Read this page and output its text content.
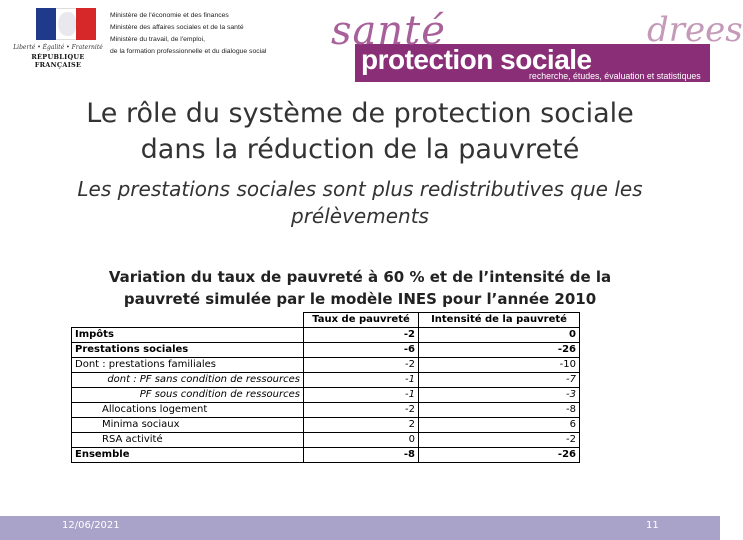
Liberté • Égalité • Fraternité
RÉPUBLIQUE FRANÇAISE
Ministère de l'économie et des finances
Ministère des affaires sociales et de la santé
Ministère du travail, de l'emploi,
de la formation professionnelle et du dialogue social santé
protection sociale
drees
recherche, études, évaluation et statistiques
Le rôle du système de protection sociale
dans la réduction de la pauvreté
Les prestations sociales sont plus redistributives que les
prélèvements
Variation du taux de pauvreté à 60 % et de l’intensité de la
pauvreté simulée par le modèle INES pour l’année 2010
	Taux de pauvreté	Intensité de la pauvreté
Impôts	-2	0
Prestations sociales	-6	-26
Dont : prestations familiales	-2	-10
dont : PF sans condition de ressources	-1	-7
PF sous condition de ressources	-1	-3
Allocations logement	-2	-8
Minima sociaux	2	6
RSA activité	0	-2
Ensemble	-8	-26
12/06/2021	11
